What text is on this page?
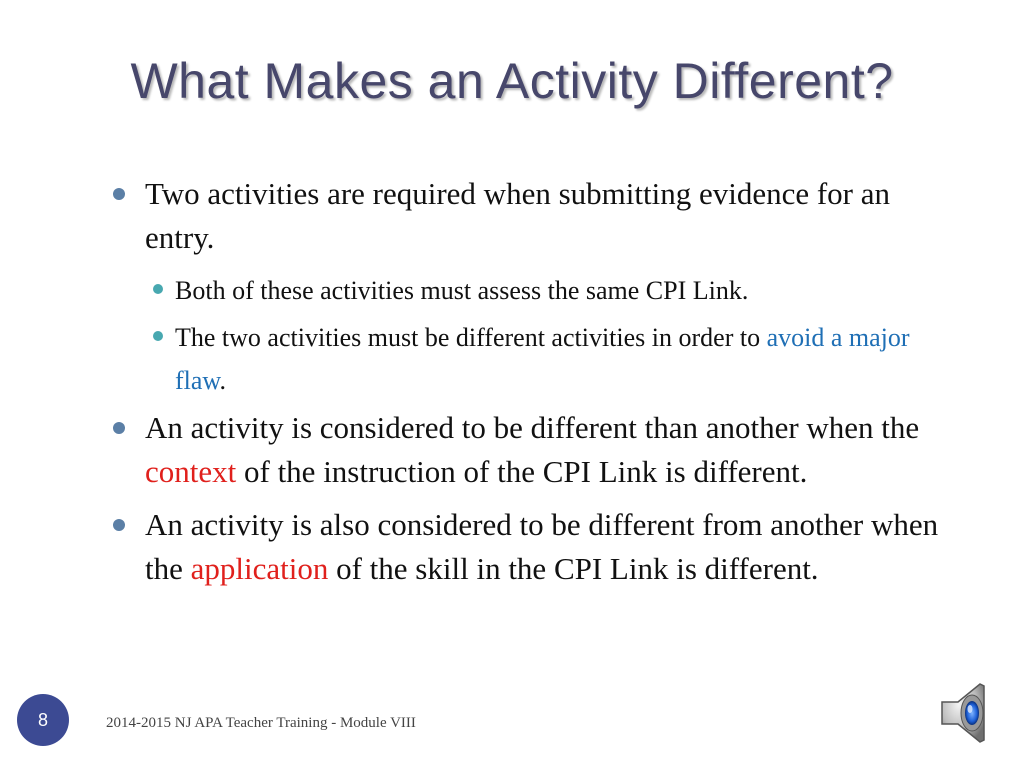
What Makes an Activity Different?
Two activities are required when submitting evidence for an entry.
Both of these activities must assess the same CPI Link.
The two activities must be different activities in order to avoid a major flaw.
An activity is considered to be different than another when the context of the instruction of the CPI Link is different.
An activity is also considered to be different from another when the application of the skill in the CPI Link is different.
8	2014-2015 NJ APA Teacher Training - Module VIII
